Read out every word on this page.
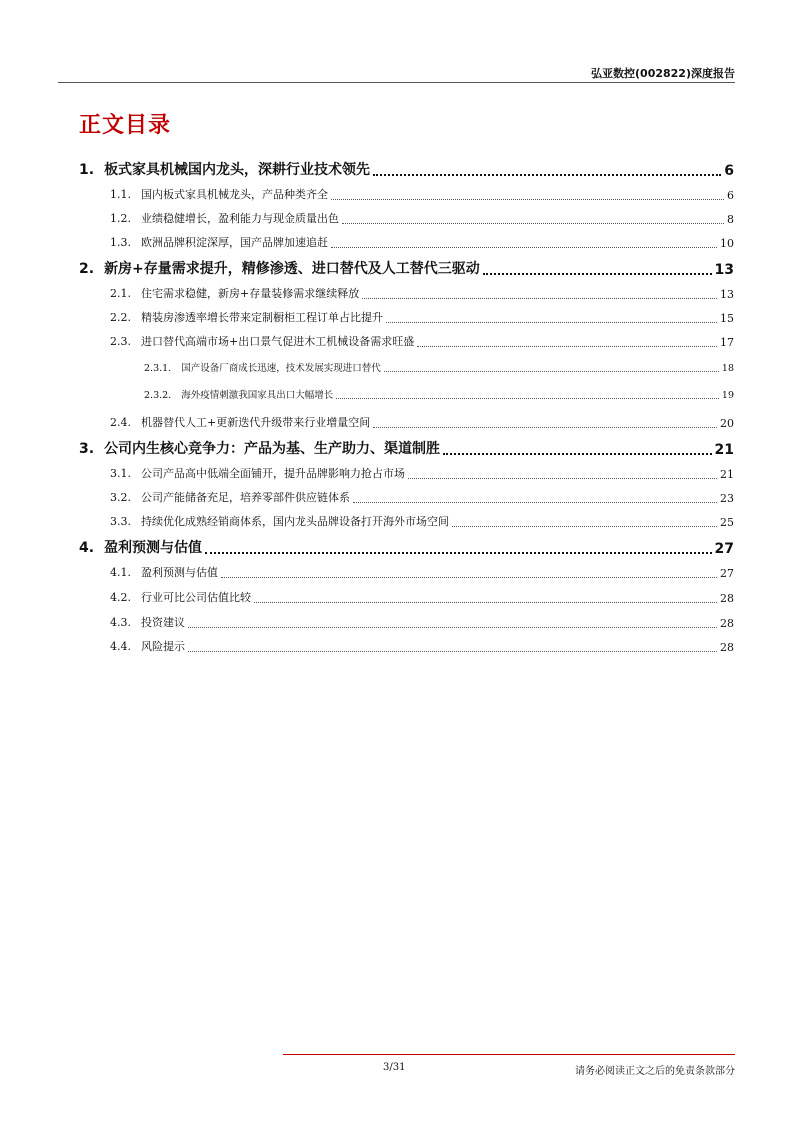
弘亚数控(002822)深度报告
正文目录
1. 板式家具机械国内龙头，深耕行业技术领先	6
1.1. 国内板式家具机械龙头，产品种类齐全	6
1.2. 业绩稳健增长，盈利能力与现金质量出色	8
1.3. 欧洲品牌积淀深厚，国产品牌加速追赶	10
2. 新房+存量需求提升，精修渗透、进口替代及人工替代三驱动	13
2.1. 住宅需求稳健，新房+存量装修需求继续释放	13
2.2. 精装房渗透率增长带来定制橱柜工程订单占比提升	15
2.3. 进口替代高端市场+出口景气促进木工机械设备需求旺盛	17
2.3.1. 国产设备厂商成长迅速，技术发展实现进口替代	18
2.3.2. 海外疫情刺激我国家具出口大幅增长	19
2.4. 机器替代人工+更新迭代升级带来行业增量空间	20
3. 公司内生核心竞争力：产品为基、生产助力、渠道制胜	21
3.1. 公司产品高中低端全面铺开，提升品牌影响力抢占市场	21
3.2. 公司产能储备充足，培养零部件供应链体系	23
3.3. 持续优化成熟经销商体系，国内龙头品牌设备打开海外市场空间	25
4. 盈利预测与估值	27
4.1. 盈利预测与估值	27
4.2. 行业可比公司估值比较	28
4.3. 投资建议	28
4.4. 风险提示	28
3/31	请务必阅读正文之后的免责条款部分
